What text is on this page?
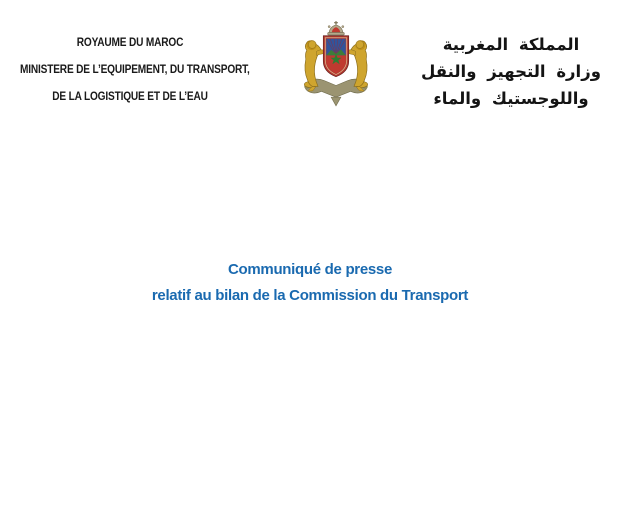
ROYAUME DU MAROC
MINISTERE DE L’EQUIPEMENT, DU TRANSPORT,
DE LA LOGISTIQUE ET DE L’EAU
المملكة المغربية
وزارة التجهيز والنقل
واللوجستيك والماء
Communiqué de presse
relatif au bilan de la Commission du Transport
